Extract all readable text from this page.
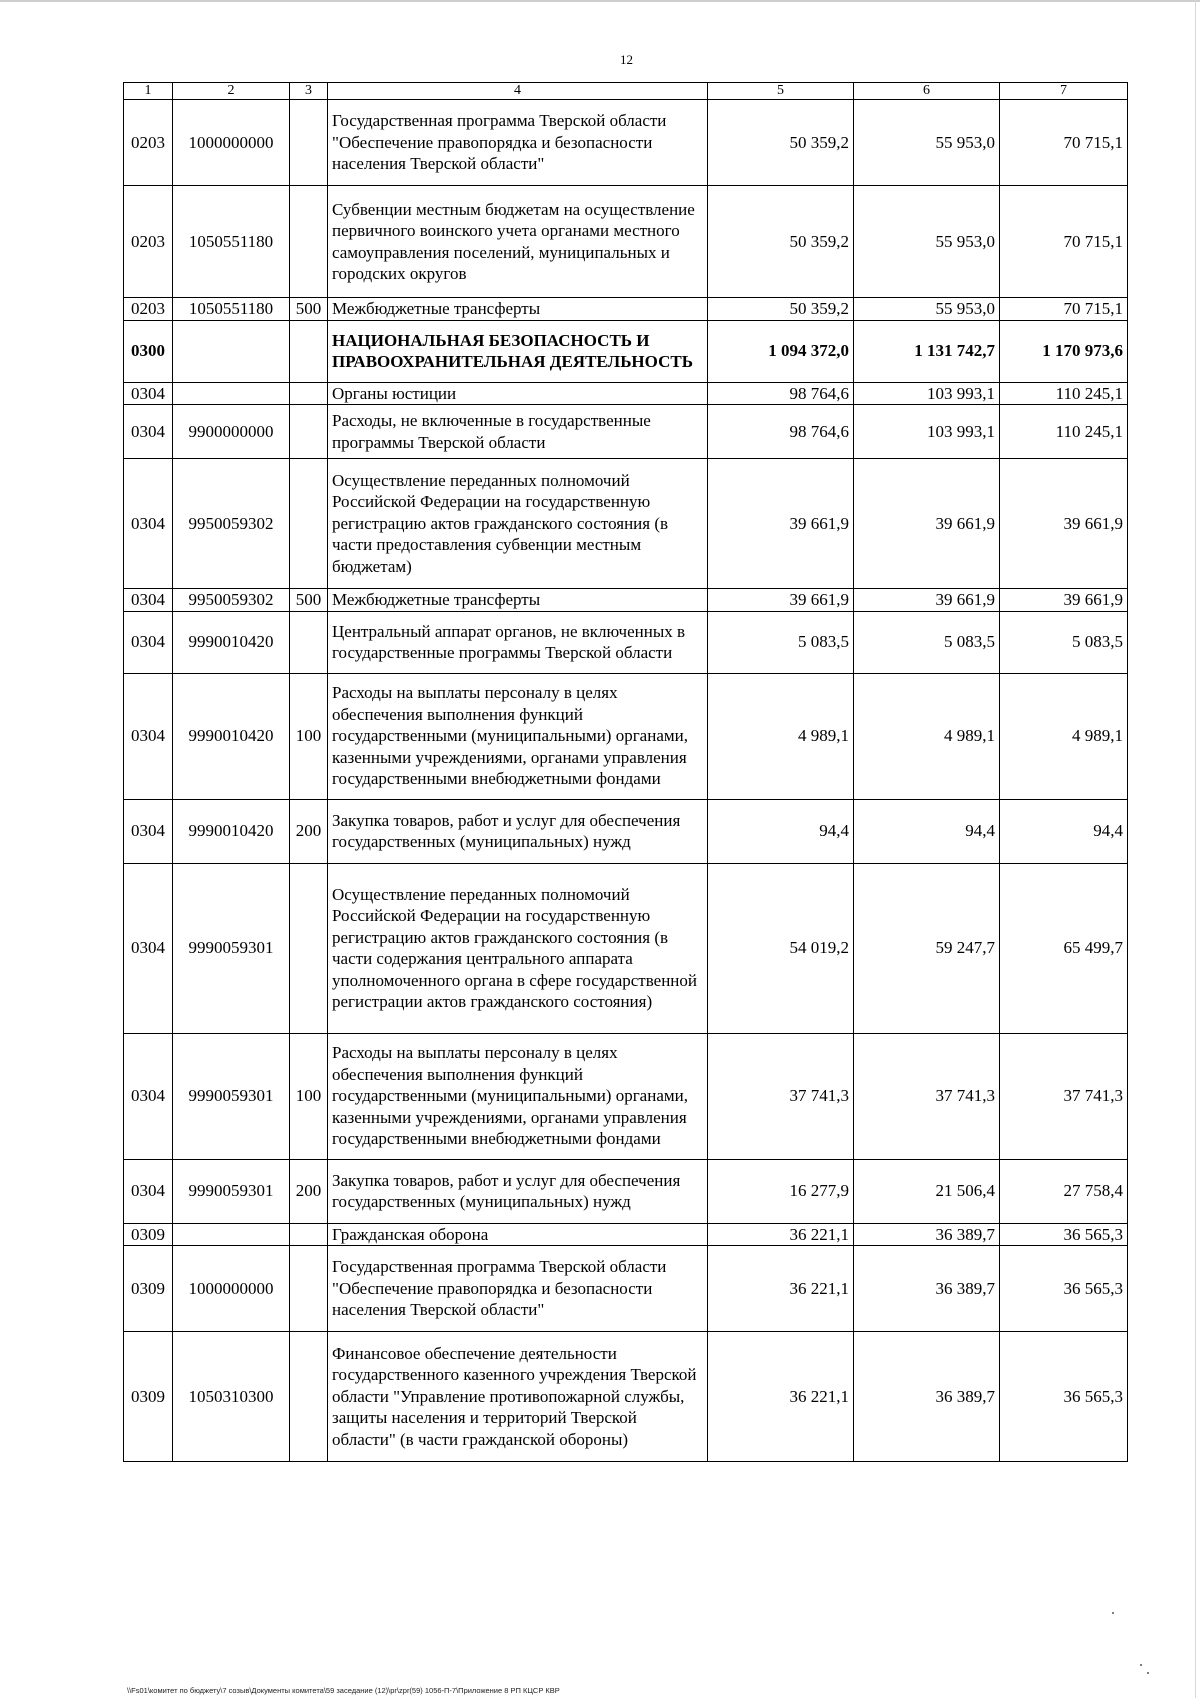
12
1	2	3	4	5	6	7
0203	1000000000		Государственная программа Тверской области "Обеспечение правопорядка и безопасности населения Тверской области"	50 359,2	55 953,0	70 715,1
0203	1050551180		Субвенции местным бюджетам на осуществление первичного воинского учета органами местного самоуправления поселений, муниципальных и городских округов	50 359,2	55 953,0	70 715,1
0203	1050551180	500	Межбюджетные трансферты	50 359,2	55 953,0	70 715,1
0300			НАЦИОНАЛЬНАЯ БЕЗОПАСНОСТЬ И ПРАВООХРАНИТЕЛЬНАЯ ДЕЯТЕЛЬНОСТЬ	1 094 372,0	1 131 742,7	1 170 973,6
0304			Органы юстиции	98 764,6	103 993,1	110 245,1
0304	9900000000		Расходы, не включенные в государственные программы Тверской области	98 764,6	103 993,1	110 245,1
0304	9950059302		Осуществление переданных полномочий Российской Федерации на государственную регистрацию актов гражданского состояния (в части предоставления субвенции местным бюджетам)	39 661,9	39 661,9	39 661,9
0304	9950059302	500	Межбюджетные трансферты	39 661,9	39 661,9	39 661,9
0304	9990010420		Центральный аппарат органов, не включенных в государственные программы Тверской области	5 083,5	5 083,5	5 083,5
0304	9990010420	100	Расходы на выплаты персоналу в целях обеспечения выполнения функций государственными (муниципальными) органами, казенными учреждениями, органами управления государственными внебюджетными фондами	4 989,1	4 989,1	4 989,1
0304	9990010420	200	Закупка товаров, работ и услуг для обеспечения государственных (муниципальных) нужд	94,4	94,4	94,4
0304	9990059301		Осуществление переданных полномочий Российской Федерации на государственную регистрацию актов гражданского состояния (в части содержания центрального аппарата уполномоченного органа в сфере государственной регистрации актов гражданского состояния)	54 019,2	59 247,7	65 499,7
0304	9990059301	100	Расходы на выплаты персоналу в целях обеспечения выполнения функций государственными (муниципальными) органами, казенными учреждениями, органами управления государственными внебюджетными фондами	37 741,3	37 741,3	37 741,3
0304	9990059301	200	Закупка товаров, работ и услуг для обеспечения государственных (муниципальных) нужд	16 277,9	21 506,4	27 758,4
0309			Гражданская оборона	36 221,1	36 389,7	36 565,3
0309	1000000000		Государственная программа Тверской области "Обеспечение правопорядка и безопасности населения Тверской области"	36 221,1	36 389,7	36 565,3
0309	1050310300		Финансовое обеспечение деятельности государственного казенного учреждения Тверской области "Управление противопожарной службы, защиты населения и территорий Тверской области" (в части гражданской обороны)	36 221,1	36 389,7	36 565,3
\\Fs01\комитет по бюджету\7 созыв\Документы комитета\59 заседание (12)\pr\zpr(59) 1056-П-7\Приложение 8 РП КЦСР КВР
